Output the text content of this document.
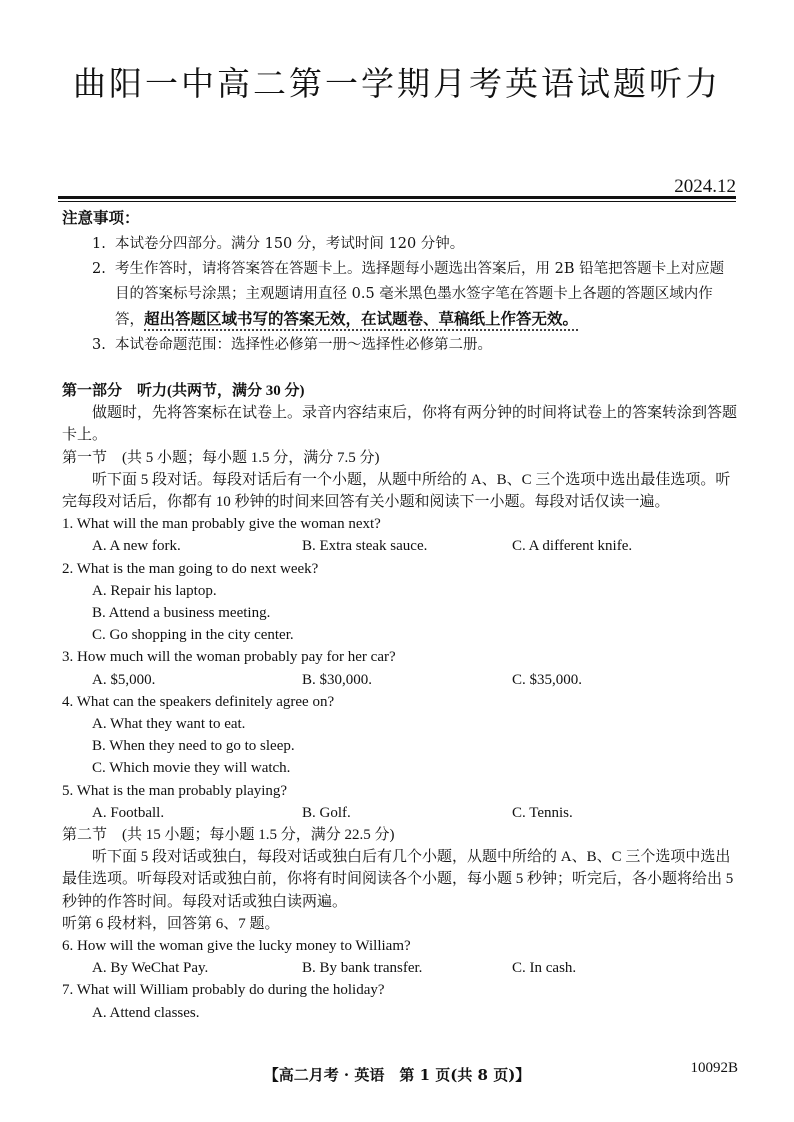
曲阳一中高二第一学期月考英语试题听力
2024.12
注意事项：
1. 本试卷分四部分。满分 150 分，考试时间 120 分钟。
2. 考生作答时，请将答案答在答题卡上。选择题每小题选出答案后，用 2B 铅笔把答题卡上对应题目的答案标号涂黑；主观题请用直径 0.5 毫米黑色墨水签字笔在答题卡上各题的答题区域内作答，超出答题区域书写的答案无效，在试题卷、草稿纸上作答无效。
3. 本试卷命题范围：选择性必修第一册～选择性必修第二册。

第一部分　听力(共两节，满分 30 分)

做题时，先将答案标在试卷上。录音内容结束后，你将有两分钟的时间将试卷上的答案转涂到答题卡上。

第一节　(共 5 小题；每小题 1.5 分，满分 7.5 分)

听下面 5 段对话。每段对话后有一个小题，从题中所给的 A、B、C 三个选项中选出最佳选项。听完每段对话后，你都有 10 秒钟的时间来回答有关小题和阅读下一小题。每段对话仅读一遍。

1. What will the man probably give the woman next?

A. A new fork.	B. Extra steak sauce.	C. A different knife.

2. What is the man going to do next week?

A. Repair his laptop.

B. Attend a business meeting.

C. Go shopping in the city center.

3. How much will the woman probably pay for her car?

A. $5,000.	B. $30,000.	C. $35,000.

4. What can the speakers definitely agree on?

A. What they want to eat.

B. When they need to go to sleep.

C. Which movie they will watch.

5. What is the man probably playing?

A. Football.	B. Golf.	C. Tennis.

第二节　(共 15 小题；每小题 1.5 分，满分 22.5 分)

听下面 5 段对话或独白，每段对话或独白后有几个小题，从题中所给的 A、B、C 三个选项中选出最佳选项。听每段对话或独白前，你将有时间阅读各个小题，每小题 5 秒钟；听完后，各小题将给出 5 秒钟的作答时间。每段对话或独白读两遍。

听第 6 段材料，回答第 6、7 题。

6. How will the woman give the lucky money to William?

A. By WeChat Pay.	B. By bank transfer.	C. In cash.

7. What will William probably do during the holiday?

A. Attend classes.

【高二月考 · 英语　第 1 页(共 8 页)】	10092B
